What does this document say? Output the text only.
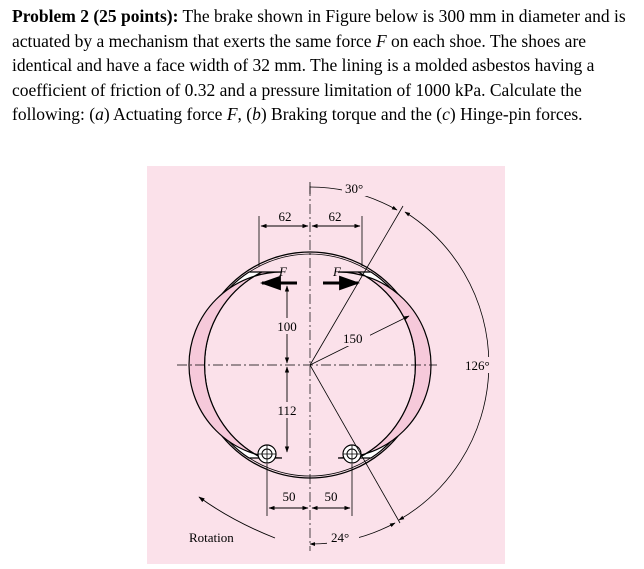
Problem 2 (25 points): The brake shown in Figure below is 300 mm in diameter and is actuated by a mechanism that exerts the same force F on each shoe. The shoes are identical and have a face width of 32 mm. The lining is a molded asbestos having a coefficient of friction of 0.32 and a pressure limitation of 1000 kPa. Calculate the following: (a) Actuating force F, (b) Braking torque and the (c) Hinge-pin forces.
62	62
30°
126°
24°
F	F
100
112
150
50 50
Rotation
